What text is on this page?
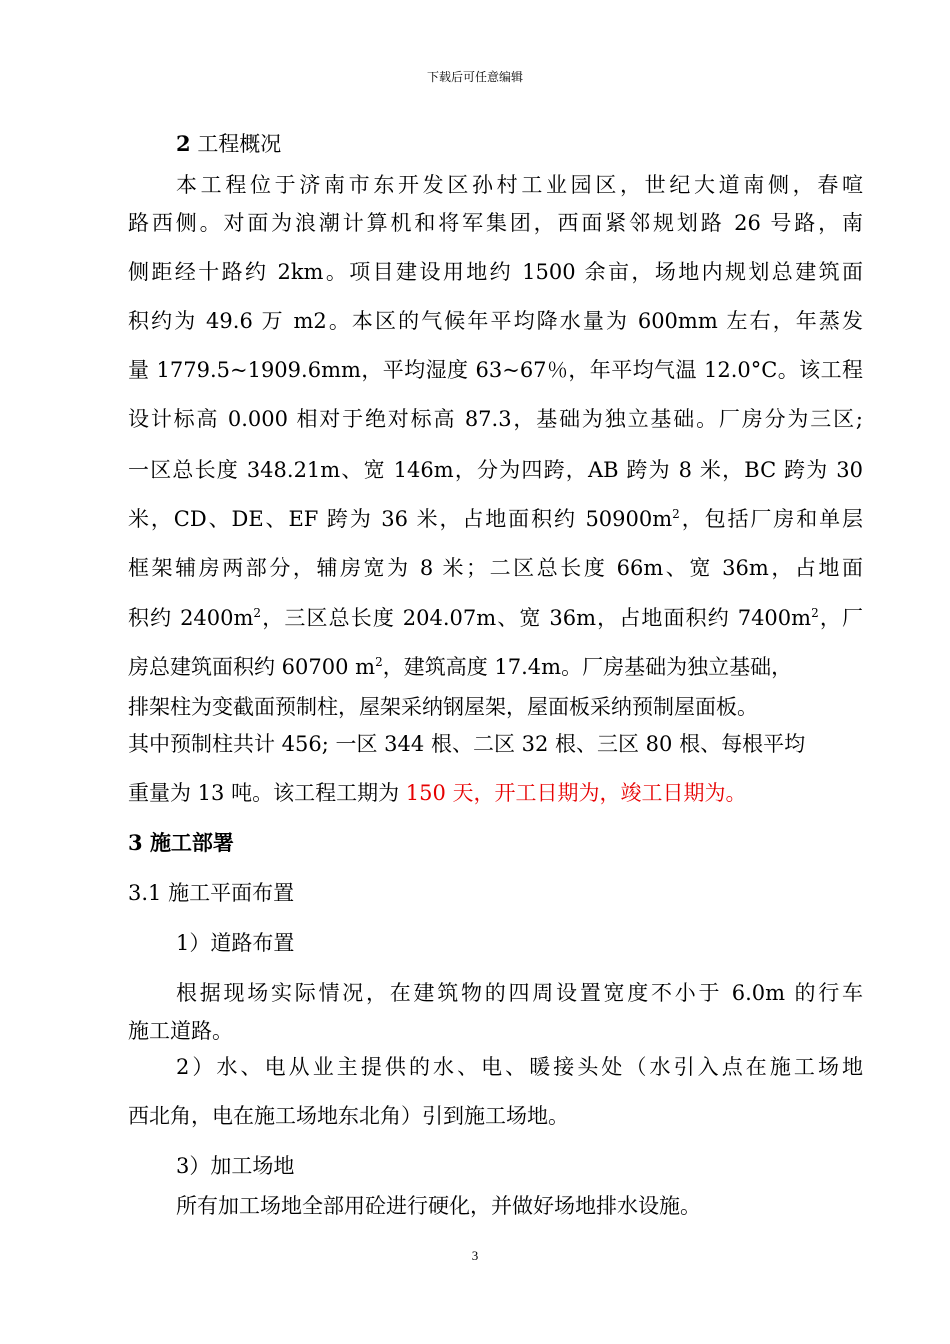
下载后可任意编辑
2 工程概况
本工程位于济南市东开发区孙村工业园区，世纪大道南侧，春喧
路西侧。对面为浪潮计算机和将军集团，西面紧邻规划路 26 号路，南
侧距经十路约 2km。项目建设用地约 1500 余亩，场地内规划总建筑面
积约为 49.6 万 m2。本区的气候年平均降水量为 600mm 左右，年蒸发
量 1779.5~1909.6mm，平均湿度 63~67％，年平均气温 12.0°C。该工程
设计标高 0.000 相对于绝对标高 87.3，基础为独立基础。厂房分为三区;
一区总长度 348.21m、宽 146m，分为四跨，AB 跨为 8 米，BC 跨为 30
米，CD、DE、EF 跨为 36 米，占地面积约 $50900m^2$，包括厂房和单层
框架辅房两部分，辅房宽为 8 米；二区总长度 66m、宽 36m，占地面
积约 $2400m^2$，三区总长度 204.07m、宽 36m，占地面积约 $7400m^2$，厂
房总建筑面积约 60700 $m^2$，建筑高度 17.4m。厂房基础为独立基础，
排架柱为变截面预制柱，屋架采纳钢屋架，屋面板采纳预制屋面板。
其中预制柱共计 456; 一区 344 根、二区 32 根、三区 80 根、每根平均
重量为 13 吨。该工程工期为 150 天，开工日期为，竣工日期为。
3 施工部署
3.1 施工平面布置
1）道路布置
根据现场实际情况，在建筑物的四周设置宽度不小于 6.0m 的行车
施工道路。
2）水、电从业主提供的水、电、暖接头处（水引入点在施工场地
西北角，电在施工场地东北角）引到施工场地。
3）加工场地
所有加工场地全部用砼进行硬化，并做好场地排水设施。
3
